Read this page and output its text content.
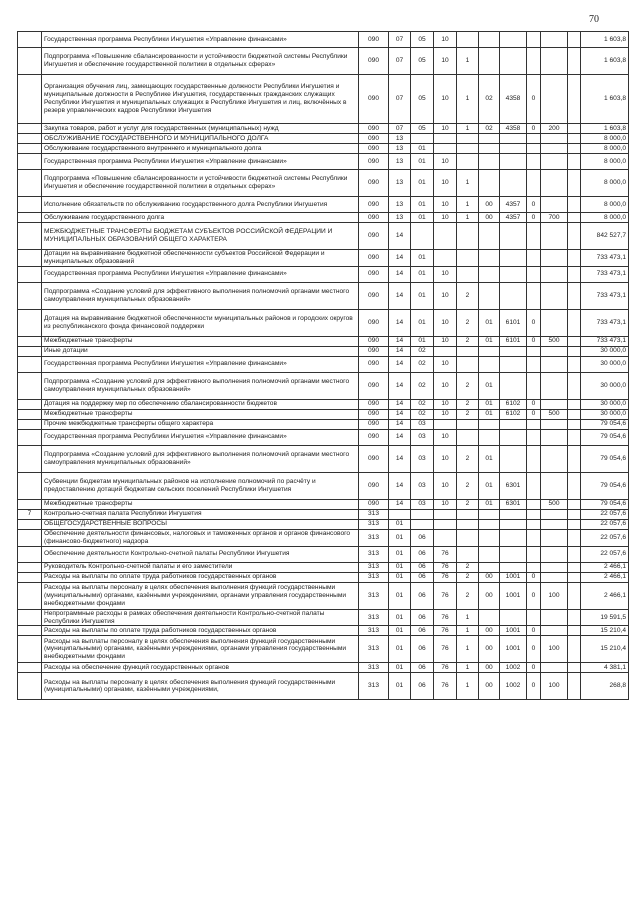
70
	Государственная программа Республики Ингушетия «Управление финансами»	090	07	05	10							1 603,8
	Подпрограмма «Повышение сбалансированности и устойчивости бюджетной системы Республики Ингушетия и обеспечение государственной политики в отдельных сферах»	090	07	05	10	1						1 603,8
	Организация обучения лиц, замещающих государственные должности Республики Ингушетия и муниципальные должности в Республике Ингушетия, государственных гражданских служащих Республики Ингушетия и муниципальных служащих в Республике Ингушетия и лиц, включённых в резерв управленческих кадров Республики Ингушетия	090	07	05	10	1	02	4358	0			1 603,8
	Закупка товаров, работ и услуг для государственных (муниципальных) нужд	090	07	05	10	1	02	4358	0	200		1 603,8
	ОБСЛУЖИВАНИЕ ГОСУДАРСТВЕННОГО И МУНИЦИПАЛЬНОГО ДОЛГА	090	13									8 000,0
	Обслуживание государственного внутреннего и муниципального долга	090	13	01								8 000,0
	Государственная программа Республики Ингушетия «Управление финансами»	090	13	01	10							8 000,0
	Подпрограмма «Повышение сбалансированности и устойчивости бюджетной системы Республики Ингушетия и обеспечение государственной политики в отдельных сферах»	090	13	01	10	1						8 000,0
	Исполнение обязательств по обслуживанию государственного долга Республики Ингушетия	090	13	01	10	1	00	4357	0			8 000,0
	Обслуживание государственного долга	090	13	01	10	1	00	4357	0	700		8 000,0
	МЕЖБЮДЖЕТНЫЕ ТРАНСФЕРТЫ БЮДЖЕТАМ СУБЪЕКТОВ РОССИЙСКОЙ ФЕДЕРАЦИИ И МУНИЦИПАЛЬНЫХ ОБРАЗОВАНИЙ ОБЩЕГО ХАРАКТЕРА	090	14									842 527,7
	Дотации на выравнивание бюджетной обеспеченности субъектов Российской Федерации и муниципальных образований	090	14	01								733 473,1
	Государственная программа Республики Ингушетия «Управление финансами»	090	14	01	10							733 473,1
	Подпрограмма «Создание условий для эффективного выполнения полномочий органами местного самоуправления муниципальных образований»	090	14	01	10	2						733 473,1
	Дотация на выравнивание бюджетной обеспеченности муниципальных районов и городских округов из республиканского фонда финансовой поддержки	090	14	01	10	2	01	6101	0			733 473,1
	Межбюджетные трансферты	090	14	01	10	2	01	6101	0	500		733 473,1
	Иные дотации	090	14	02								30 000,0
	Государственная программа Республики Ингушетия «Управление финансами»	090	14	02	10							30 000,0
	Подпрограмма «Создание условий для эффективного выполнения полномочий органами местного самоуправления муниципальных образований»	090	14	02	10	2	01					30 000,0
	Дотация на поддержку мер по обеспечению сбалансированности бюджетов	090	14	02	10	2	01	6102	0			30 000,0
	Межбюджетные трансферты	090	14	02	10	2	01	6102	0	500		30 000,0
	Прочие межбюджетные трансферты общего характера	090	14	03								79 054,6
	Государственная программа Республики Ингушетия «Управление финансами»	090	14	03	10							79 054,6
	Подпрограмма «Создание условий для эффективного выполнения полномочий органами местного самоуправления муниципальных образований»	090	14	03	10	2	01					79 054,6
	Субвенции бюджетам муниципальных районов на исполнение полномочий по расчёту и предоставлению дотаций бюджетам сельских поселений Республики Ингушетия	090	14	03	10	2	01	6301				79 054,6
	Межбюджетные трансферты	090	14	03	10	2	01	6301		500		79 054,6
7	Контрольно-счетная палата Республики Ингушетия	313										22 057,6
	ОБЩЕГОСУДАРСТВЕННЫЕ ВОПРОСЫ	313	01									22 057,6
	Обеспечение деятельности финансовых, налоговых и таможенных органов и органов финансового (финансово-бюджетного) надзора	313	01	06								22 057,6
	Обеспечение деятельности Контрольно-счетной палаты Республики Ингушетия	313	01	06	76							22 057,6
	Руководитель Контрольно-счетной палаты и его заместители	313	01	06	76	2						2 466,1
	Расходы на выплаты по оплате труда работников государственных органов	313	01	06	76	2	00	1001	0			2 466,1
	Расходы на выплаты персоналу в целях обеспечения выполнения функций государственными (муниципальными) органами, казёнными учреждениями, органами управления государственными внебюджетными фондами	313	01	06	76	2	00	1001	0	100		2 466,1
	Непрограммные расходы в рамках обеспечения деятельности Контрольно-счетной палаты Республики Ингушетия	313	01	06	76	1						19 591,5
	Расходы на выплаты по оплате труда работников государственных органов	313	01	06	76	1	00	1001	0			15 210,4
	Расходы на выплаты персоналу в целях обеспечения выполнения функций государственными (муниципальными) органами, казёнными учреждениями, органами управления государственными внебюджетными фондами	313	01	06	76	1	00	1001	0	100		15 210,4
	Расходы на обеспечение функций государственных органов	313	01	06	76	1	00	1002	0			4 381,1
	Расходы на выплаты персоналу в целях обеспечения выполнения функций государственными (муниципальными) органами, казёнными учреждениями,	313	01	06	76	1	00	1002	0	100		268,8
